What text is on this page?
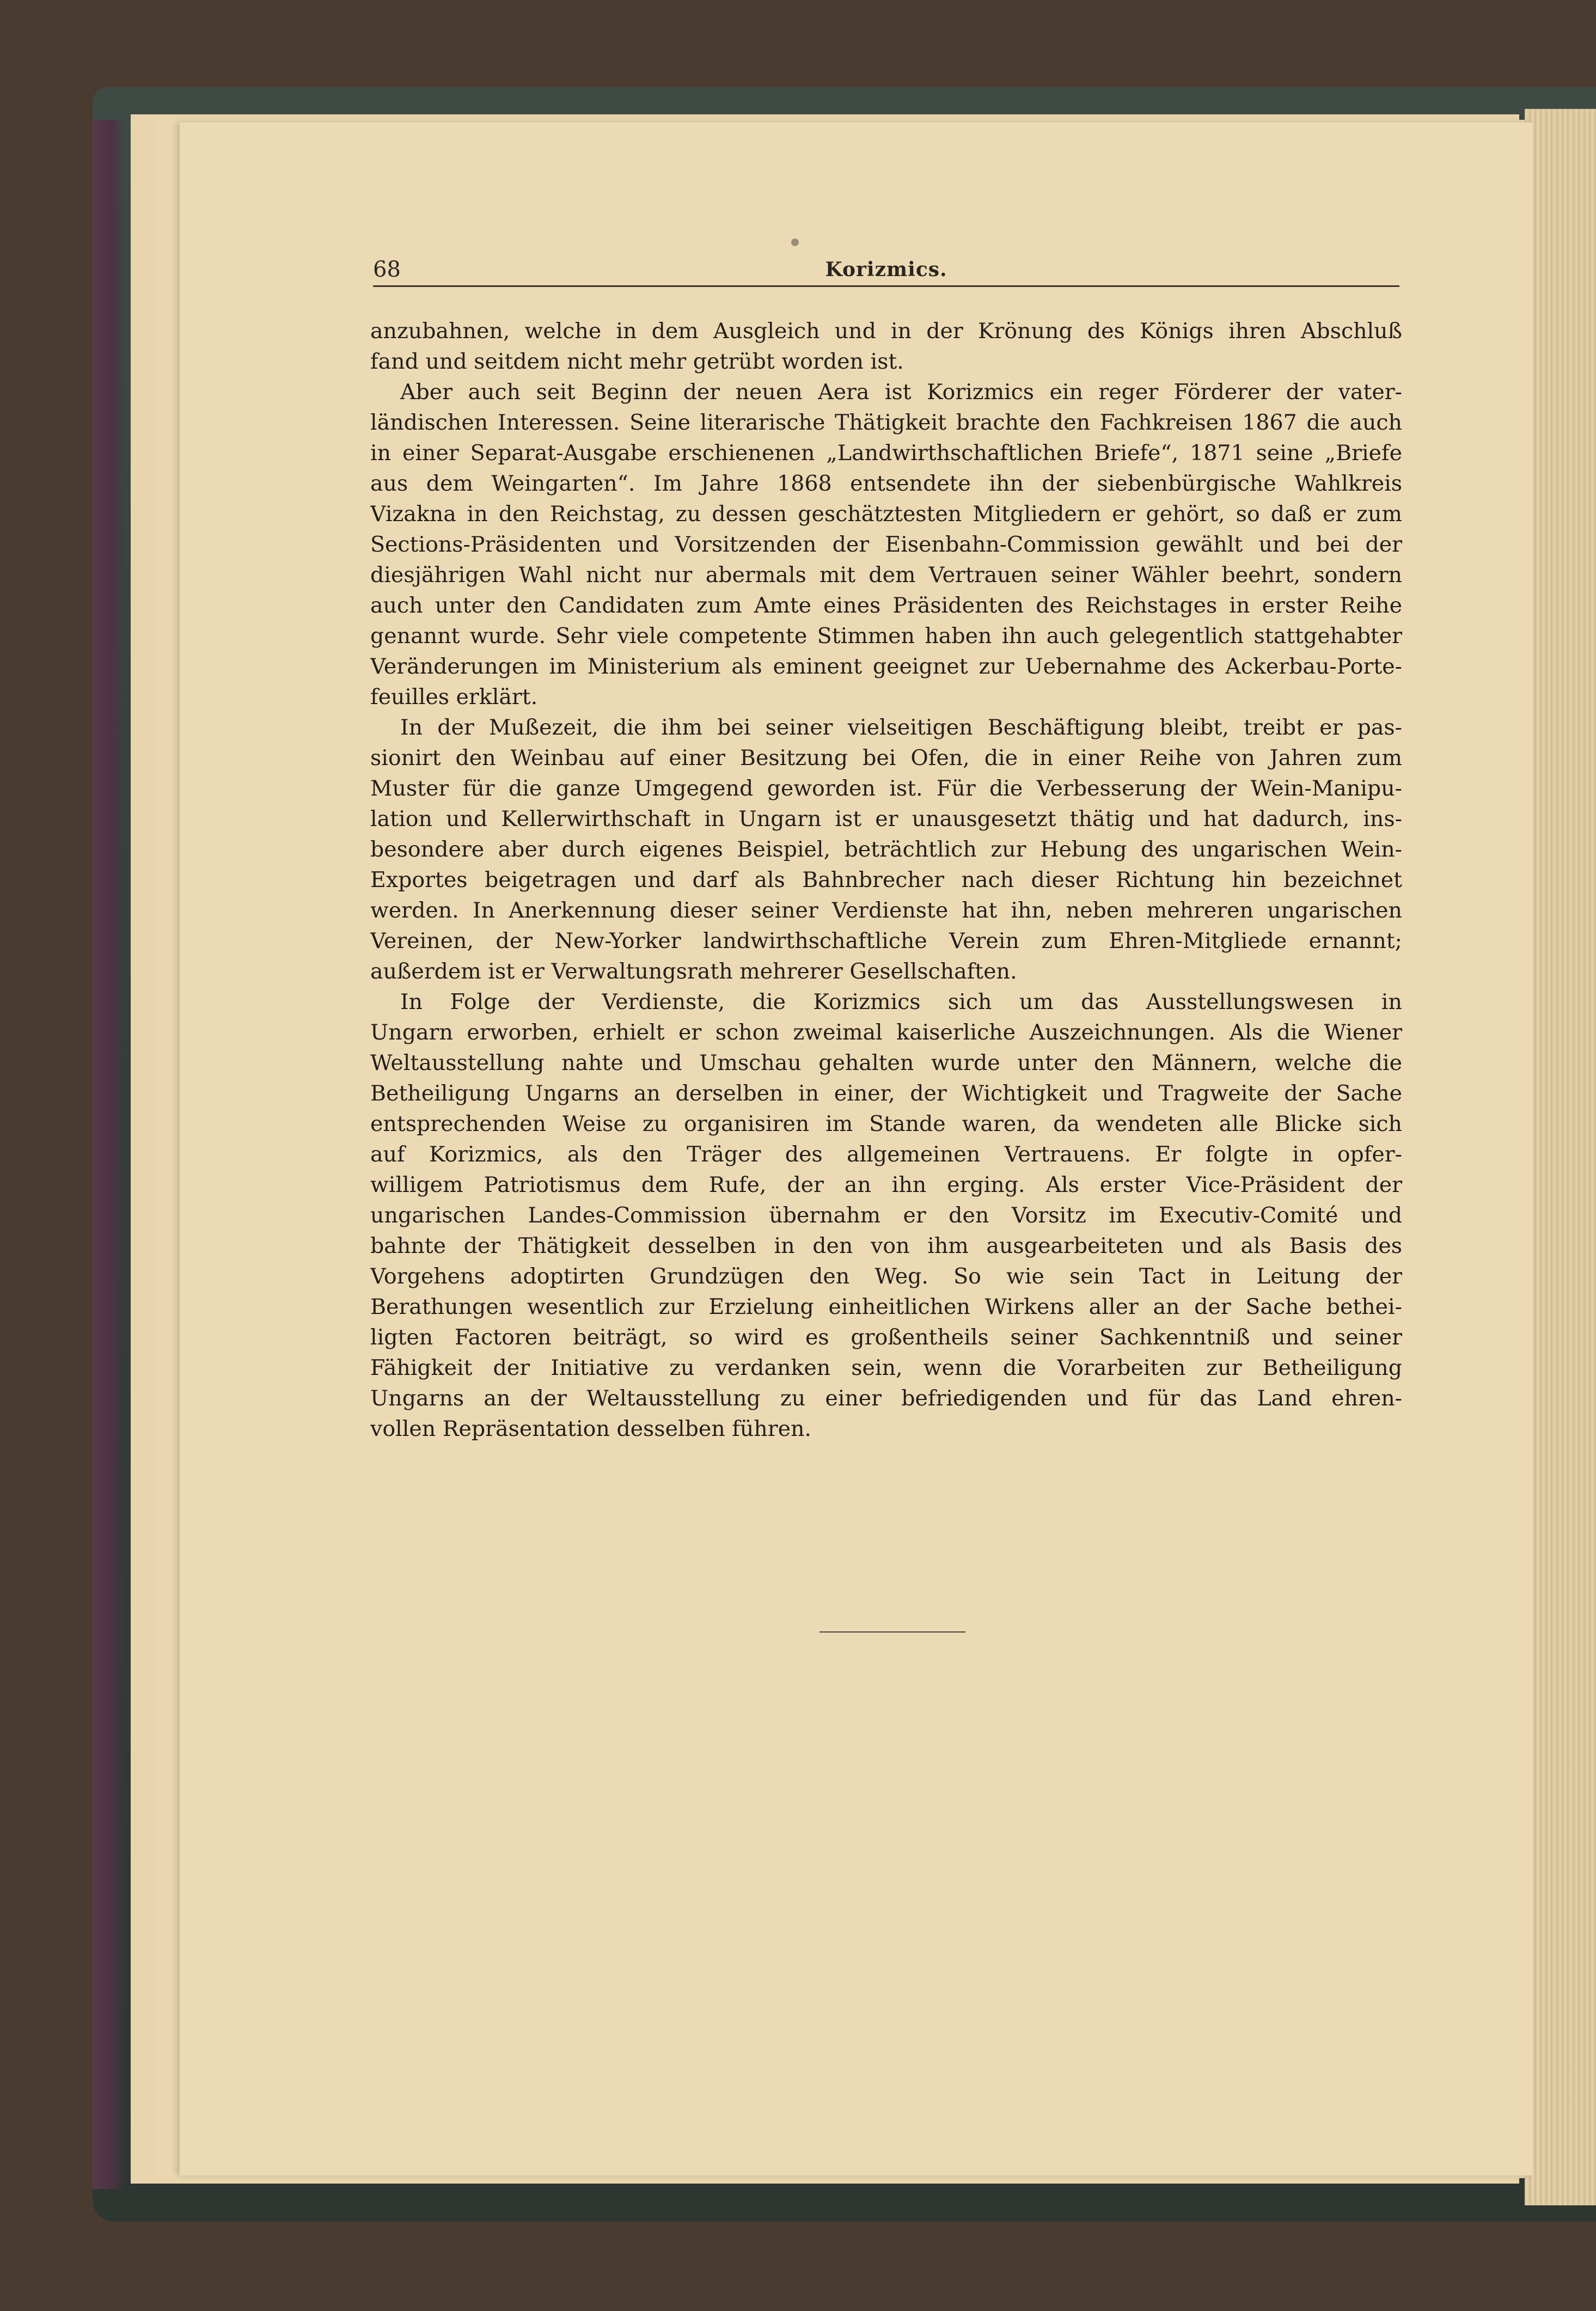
68	Korizmics.
anzubahnen, welche in dem Ausgleich und in der Krönung des Königs ihren Abschluß
fand und seitdem nicht mehr getrübt worden ist.
Aber auch seit Beginn der neuen Aera ist Korizmics ein reger Förderer der vater-
ländischen Interessen. Seine literarische Thätigkeit brachte den Fachkreisen 1867 die auch
in einer Separat-Ausgabe erschienenen „Landwirthschaftlichen Briefe“, 1871 seine „Briefe
aus dem Weingarten“. Im Jahre 1868 entsendete ihn der siebenbürgische Wahlkreis
Vizakna in den Reichstag, zu dessen geschätztesten Mitgliedern er gehört, so daß er zum
Sections-Präsidenten und Vorsitzenden der Eisenbahn-Commission gewählt und bei der
diesjährigen Wahl nicht nur abermals mit dem Vertrauen seiner Wähler beehrt, sondern
auch unter den Candidaten zum Amte eines Präsidenten des Reichstages in erster Reihe
genannt wurde. Sehr viele competente Stimmen haben ihn auch gelegentlich stattgehabter
Veränderungen im Ministerium als eminent geeignet zur Uebernahme des Ackerbau-Porte-
feuilles erklärt.
In der Mußezeit, die ihm bei seiner vielseitigen Beschäftigung bleibt, treibt er pas-
sionirt den Weinbau auf einer Besitzung bei Ofen, die in einer Reihe von Jahren zum
Muster für die ganze Umgegend geworden ist. Für die Verbesserung der Wein-Manipu-
lation und Kellerwirthschaft in Ungarn ist er unausgesetzt thätig und hat dadurch, ins-
besondere aber durch eigenes Beispiel, beträchtlich zur Hebung des ungarischen Wein-
Exportes beigetragen und darf als Bahnbrecher nach dieser Richtung hin bezeichnet
werden. In Anerkennung dieser seiner Verdienste hat ihn, neben mehreren ungarischen
Vereinen, der New-Yorker landwirthschaftliche Verein zum Ehren-Mitgliede ernannt;
außerdem ist er Verwaltungsrath mehrerer Gesellschaften.
In Folge der Verdienste, die Korizmics sich um das Ausstellungswesen in
Ungarn erworben, erhielt er schon zweimal kaiserliche Auszeichnungen. Als die Wiener
Weltausstellung nahte und Umschau gehalten wurde unter den Männern, welche die
Betheiligung Ungarns an derselben in einer, der Wichtigkeit und Tragweite der Sache
entsprechenden Weise zu organisiren im Stande waren, da wendeten alle Blicke sich
auf Korizmics, als den Träger des allgemeinen Vertrauens. Er folgte in opfer-
willigem Patriotismus dem Rufe, der an ihn erging. Als erster Vice-Präsident der
ungarischen Landes-Commission übernahm er den Vorsitz im Executiv-Comité und
bahnte der Thätigkeit desselben in den von ihm ausgearbeiteten und als Basis des
Vorgehens adoptirten Grundzügen den Weg. So wie sein Tact in Leitung der
Berathungen wesentlich zur Erzielung einheitlichen Wirkens aller an der Sache bethei-
ligten Factoren beiträgt, so wird es großentheils seiner Sachkenntniß und seiner
Fähigkeit der Initiative zu verdanken sein, wenn die Vorarbeiten zur Betheiligung
Ungarns an der Weltausstellung zu einer befriedigenden und für das Land ehren-
vollen Repräsentation desselben führen.
